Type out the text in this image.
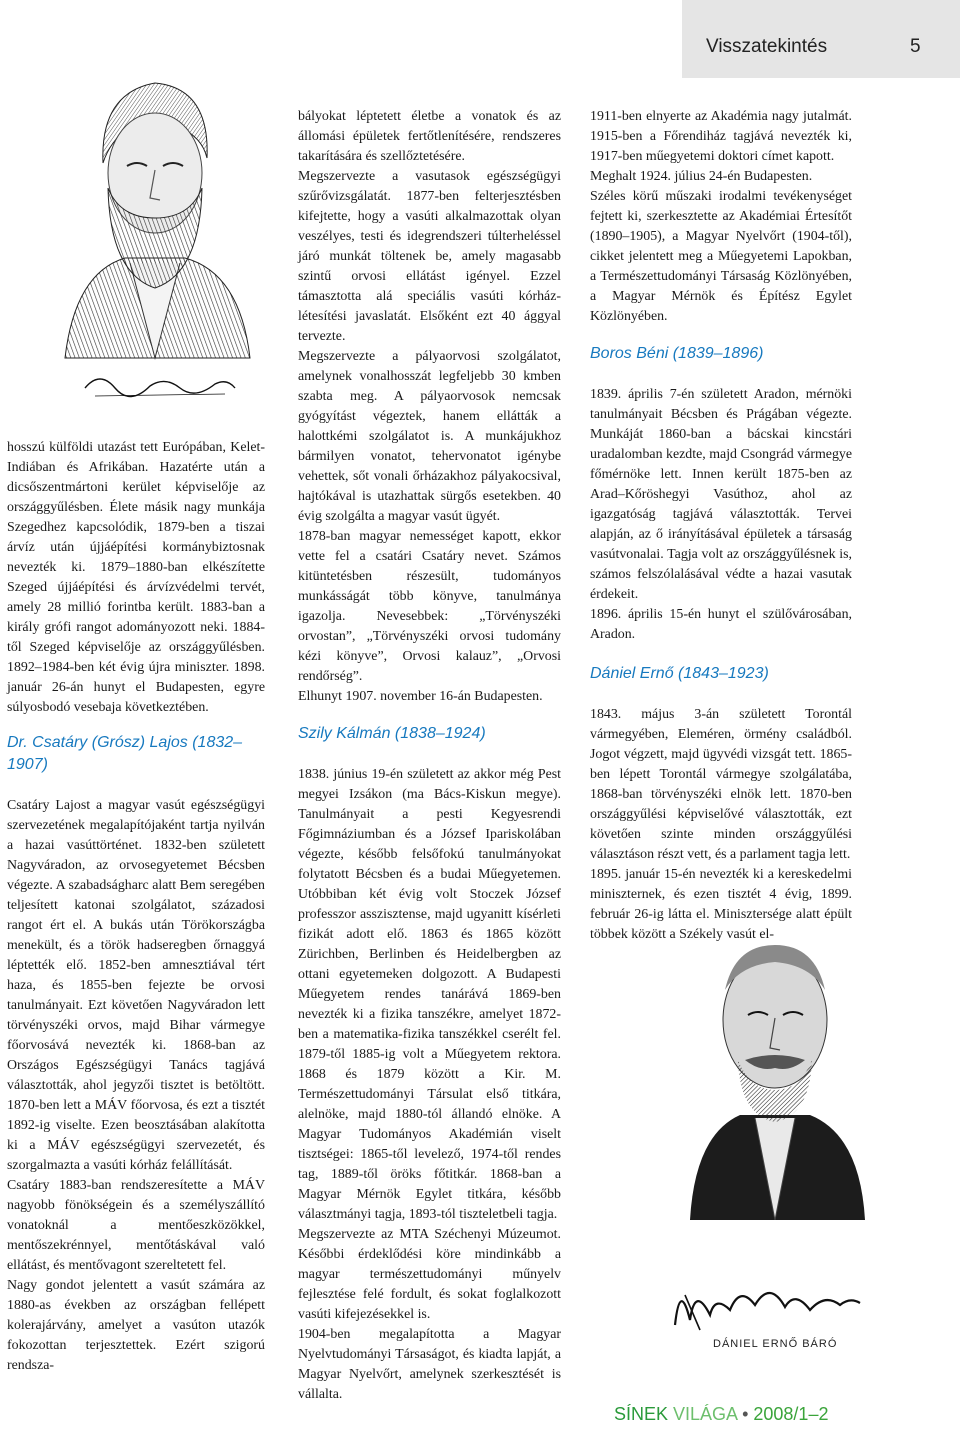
Visszatekintés	5
DÁNIEL ERNŐ BÁRÓ

hosszú külföldi utazást tett Európában, Kelet-Indiában és Afrikában. Hazatérte után a dicsőszentmártoni kerület képviselője az országgyűlésben. Élete másik nagy munkája Szegedhez kapcsolódik, 1879-ben a tiszai árvíz után újjáépítési kormánybiztosnak nevezték ki. 1879–1880-ban elkészítette Szeged újjáépítési és árvízvédelmi tervét, amely 28 millió forintba került. 1883-ban a király grófi rangot adományozott neki. 1884-től Szeged képviselője az országgyűlésben. 1892–1984-ben két évig újra miniszter. 1898. január 26-án hunyt el Budapesten, egyre súlyosbodó vesebaja következtében.

Dr. Csatáry (Grósz) Lajos (1832–1907)

Csatáry Lajost a magyar vasút egészségügyi szervezetének megalapítójaként tartja nyilván a hazai vasúttörténet. 1832-ben született Nagyváradon, az orvosegyetemet Bécsben végezte. A szabadságharc alatt Bem seregében teljesített katonai szolgálatot, századosi rangot ért el. A bukás után Törökországba menekült, és a török hadseregben őrnaggyá léptették elő. 1852-ben amnesztiával tért haza, és 1855-ben fejezte be orvosi tanulmányait. Ezt követően Nagyváradon lett törvényszéki orvos, majd Bihar vármegye főorvosává nevezték ki. 1868-ban az Országos Egészségügyi Tanács tagjává választották, ahol jegyzői tisztet is betöltött. 1870-ben lett a MÁV főorvosa, és ezt a tisztét 1892-ig viselte. Ezen beosztásában alakította ki a MÁV egészségügyi szervezetét, és szorgalmazta a vasúti kórház felállítását.

Csatáry 1883-ban rendszeresítette a MÁV nagyobb fönökségein és a személyszállító vonatoknál a mentőeszközökkel, mentőszekrénnyel, mentőtáskával való ellátást, és mentővagont szereltetett fel.

Nagy gondot jelentett a vasút számára az 1880-as években az országban fellépett kolerajárvány, amelyet a vasúton utazók fokozottan terjesztettek. Ezért szigorú rendsza-

bályokat léptetett életbe a vonatok és az állomási épületek fertőtlenítésére, rendszeres takarítására és szellőztetésére.

Megszervezte a vasutasok egészségügyi szűrővizsgálatát. 1877-ben felterjesztésben kifejtette, hogy a vasúti alkalmazottak olyan veszélyes, testi és idegrendszeri túlterheléssel járó munkát töltenek be, amely magasabb szintű orvosi ellátást igényel. Ezzel támasztotta alá speciális vasúti kórház-létesítési javaslatát. Elsőként ezt 40 ággyal tervezte.

Megszervezte a pályaorvosi szolgálatot, amelynek vonalhosszát legfeljebb 30 kmben szabta meg. A pályaorvosok nemcsak gyógyítást végeztek, hanem ellátták a halottkémi szolgálatot is. A munkájukhoz bármilyen vonatot, tehervonatot igénybe vehettek, sőt vonali őrházakhoz pályakocsival, hajtókával is utazhattak sürgős esetekben. 40 évig szolgálta a magyar vasút ügyét.

1878-ban magyar nemességet kapott, ekkor vette fel a csatári Csatáry nevet. Számos kitüntetésben részesült, tudományos munkásságát több könyve, tanulmánya igazolja. Nevesebbek: „Törvényszéki orvostan”, „Törvényszéki orvosi tudomány kézi könyve”, Orvosi kalauz”, „Orvosi rendőrség”.

Elhunyt 1907. november 16-án Budapesten.

Szily Kálmán (1838–1924)

1838. június 19-én született az akkor még Pest megyei Izsákon (ma Bács-Kiskun megye). Tanulmányait a pesti Kegyesrendi Főgimnáziumban és a József Ipariskolában végezte, később felsőfokú tanulmányokat folytatott Bécsben és a budai Műegyetemen. Utóbbiban két évig volt Stoczek József professzor asszisztense, majd ugyanitt kísérleti fizikát adott elő. 1863 és 1865 között Zürichben, Berlinben és Heidelbergben az ottani egyetemeken dolgozott. A Budapesti Műegyetem rendes tanárává 1869-ben nevezték ki a fizika tanszékre, amelyet 1872-ben a matematika-fizika tanszékkel cserélt fel. 1879-től 1885-ig volt a Műegyetem rektora. 1868 és 1879 között a Kir. M. Természettudományi Társulat első titkára, alelnöke, majd 1880-tól állandó elnöke. A Magyar Tudományos Akadémián viselt tisztségei: 1865-től levelező, 1974-től rendes tag, 1889-től öröks főtitkár. 1868-ban a Magyar Mérnök Egylet titkára, később választmányi tagja, 1893-tól tiszteletbeli tagja.

Megszervezte az MTA Széchenyi Múzeumot. Későbbi érdeklődési köre mindinkább a magyar természettudományi műnyelv fejlesztése felé fordult, és sokat foglalkozott vasúti kifejezésekkel is.

1904-ben megalapította a Magyar Nyelvtudományi Társaságot, és kiadta lapját, a Magyar Nyelvőrt, amelynek szerkesztését is vállalta.

1911-ben elnyerte az Akadémia nagy jutalmát. 1915-ben a Főrendiház tagjává nevezték ki, 1917-ben műegyetemi doktori címet kapott.

Meghalt 1924. július 24-én Budapesten.

Széles körű műszaki irodalmi tevékenységet fejtett ki, szerkesztette az Akadémiai Értesítőt (1890–1905), a Magyar Nyelvőrt (1904-től), cikket jelentett meg a Műegyetemi Lapokban, a Természettudományi Társaság Közlönyében, a Magyar Mérnök és Építész Egylet Közlönyében.

Boros Béni (1839–1896)

1839. április 7-én született Aradon, mérnöki tanulmányait Bécsben és Prágában végezte. Munkáját 1860-ban a bácskai kincstári uradalomban kezdte, majd Csongrád vármegye főmérnöke lett. Innen került 1875-ben az Arad–Kőröshegyi Vasúthoz, ahol az igazgatóság tagjává választották. Tervei alapján, az ő irányításával épületek a társaság vasútvonalai. Tagja volt az országgyűlésnek is, számos felszólalásával védte a hazai vasutak érdekeit.

1896. április 15-én hunyt el szülővárosában, Aradon.

Dániel Ernő (1843–1923)

1843. május 3-án született Torontál vármegyében, Eleméren, örmény családból. Jogot végzett, majd ügyvédi vizsgát tett. 1865-ben lépett Torontál vármegye szolgálatába, 1868-ban törvényszéki elnök lett. 1870-ben országgyűlési képviselővé választották, ezt követően szinte minden országgyűlési választáson részt vett, és a parlament tagja lett.

1895. január 15-én nevezték ki a kereskedelmi miniszternek, és ezen tisztét 4 évig, 1899. február 26-ig látta el. Minisztersége alatt épült többek között a Székely vasút el-

SÍNEK VILÁGA • 2008/1–2
